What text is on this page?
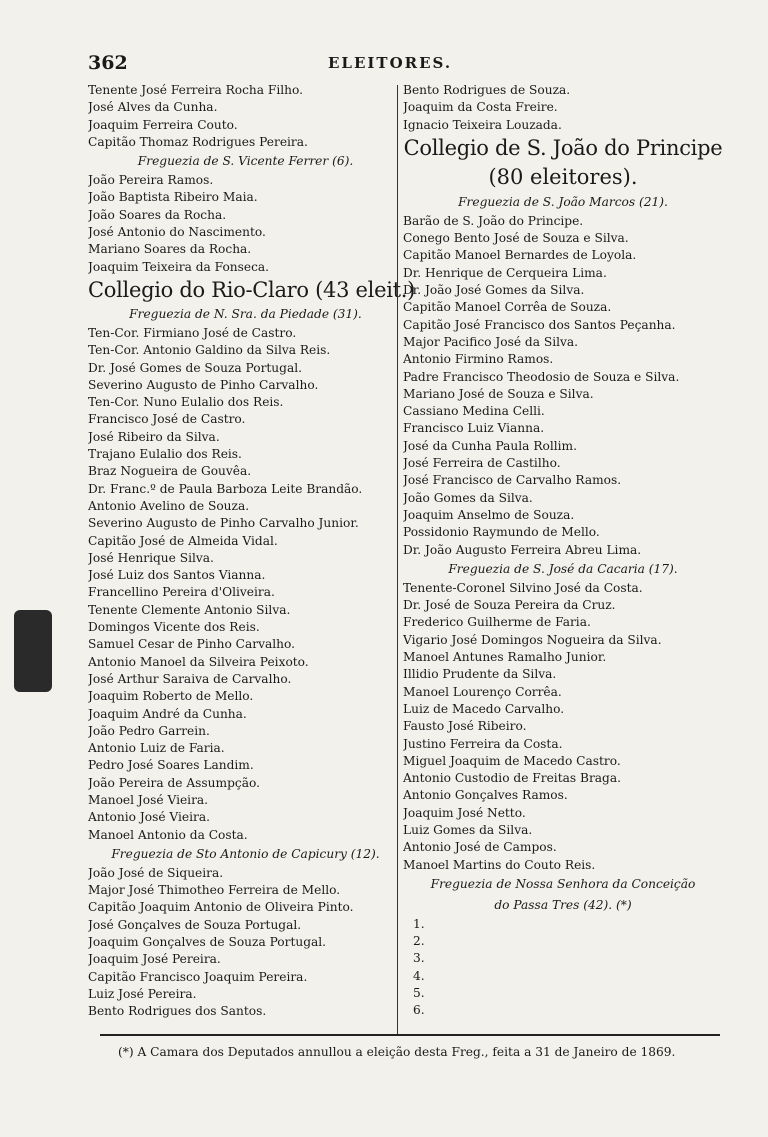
362	ELEITORES.
Tenente José Ferreira Rocha Filho.
José Alves da Cunha.
Joaquim Ferreira Couto.
Capitão Thomaz Rodrigues Pereira.
Freguezia de S. Vicente Ferrer (6).
João Pereira Ramos.
João Baptista Ribeiro Maia.
João Soares da Rocha.
José Antonio do Nascimento.
Mariano Soares da Rocha.
Joaquim Teixeira da Fonseca.
Collegio do Rio-Claro (43 eleit.)
Freguezia de N. Sra. da Piedade (31).
Ten-Cor. Firmiano José de Castro.
Ten-Cor. Antonio Galdino da Silva Reis.
Dr. José Gomes de Souza Portugal.
Severino Augusto de Pinho Carvalho.
Ten-Cor. Nuno Eulalio dos Reis.
Francisco José de Castro.
José Ribeiro da Silva.
Trajano Eulalio dos Reis.
Braz Nogueira de Gouvêa.
Dr. Franc.º de Paula Barboza Leite Brandão.
Antonio Avelino de Souza.
Severino Augusto de Pinho Carvalho Junior.
Capitão José de Almeida Vidal.
José Henrique Silva.
José Luiz dos Santos Vianna.
Francellino Pereira d'Oliveira.
Tenente Clemente Antonio Silva.
Domingos Vicente dos Reis.
Samuel Cesar de Pinho Carvalho.
Antonio Manoel da Silveira Peixoto.
José Arthur Saraiva de Carvalho.
Joaquim Roberto de Mello.
Joaquim André da Cunha.
João Pedro Garrein.
Antonio Luiz de Faria.
Pedro José Soares Landim.
João Pereira de Assumpção.
Manoel José Vieira.
Antonio José Vieira.
Manoel Antonio da Costa.
Freguezia de Sto Antonio de Capicury (12).
João José de Siqueira.
Major José Thimotheo Ferreira de Mello.
Capitão Joaquim Antonio de Oliveira Pinto.
José Gonçalves de Souza Portugal.
Joaquim Gonçalves de Souza Portugal.
Joaquim José Pereira.
Capitão Francisco Joaquim Pereira.
Luiz José Pereira.
Bento Rodrigues dos Santos.
Bento Rodrigues de Souza.
Joaquim da Costa Freire.
Ignacio Teixeira Louzada.
Collegio de S. João do Principe
(80 eleitores).
Freguezia de S. João Marcos (21).
Barão de S. João do Principe.
Conego Bento José de Souza e Silva.
Capitão Manoel Bernardes de Loyola.
Dr. Henrique de Cerqueira Lima.
Dr. João José Gomes da Silva.
Capitão Manoel Corrêa de Souza.
Capitão José Francisco dos Santos Peçanha.
Major Pacifico José da Silva.
Antonio Firmino Ramos.
Padre Francisco Theodosio de Souza e Silva.
Mariano José de Souza e Silva.
Cassiano Medina Celli.
Francisco Luiz Vianna.
José da Cunha Paula Rollim.
José Ferreira de Castilho.
José Francisco de Carvalho Ramos.
João Gomes da Silva.
Joaquim Anselmo de Souza.
Possidonio Raymundo de Mello.
Dr. João Augusto Ferreira Abreu Lima.
Freguezia de S. José da Cacaria (17).
Tenente-Coronel Silvino José da Costa.
Dr. José de Souza Pereira da Cruz.
Frederico Guilherme de Faria.
Vigario José Domingos Nogueira da Silva.
Manoel Antunes Ramalho Junior.
Illidio Prudente da Silva.
Manoel Lourenço Corrêa.
Luiz de Macedo Carvalho.
Fausto José Ribeiro.
Justino Ferreira da Costa.
Miguel Joaquim de Macedo Castro.
Antonio Custodio de Freitas Braga.
Antonio Gonçalves Ramos.
Joaquim José Netto.
Luiz Gomes da Silva.
Antonio José de Campos.
Manoel Martins do Couto Reis.
Freguezia de Nossa Senhora da Conceição
do Passa Tres (42). (*)
1.
2.
3.
4.
5.
6.
(*) A Camara dos Deputados annullou a eleição desta Freg., feita a 31 de Janeiro de 1869.
